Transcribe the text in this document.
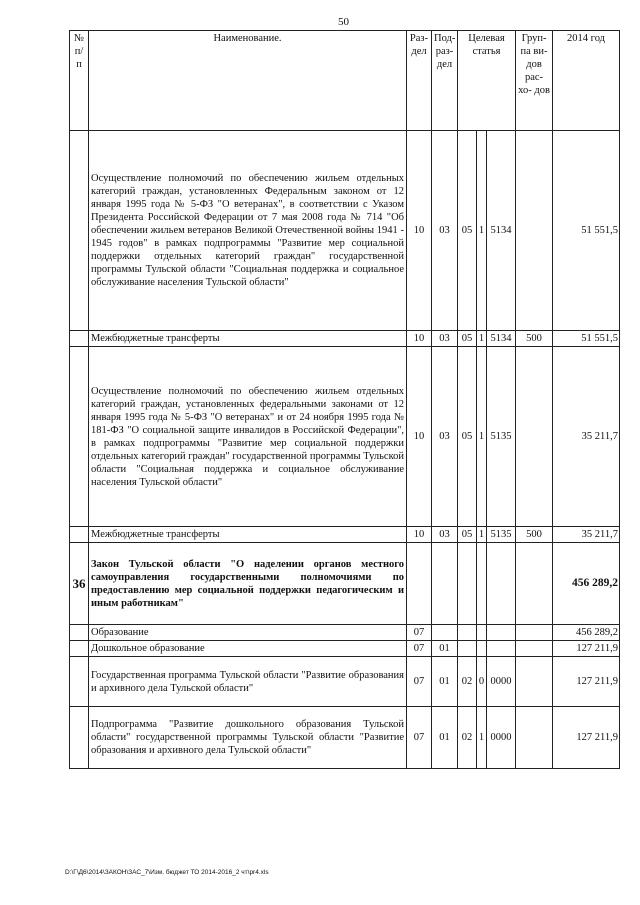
50
№ п/п	Наименование.	Раз- дел	Под- раз- дел	Целевая статья			Груп- па ви- дов рас- хо- дов	2014 год
	Осуществление полномочий по обеспечению жильем отдельных категорий граждан, установленных Федеральным законом от 12 января 1995 года № 5-ФЗ "О ветеранах", в соответствии с Указом Президента Российской Федерации от 7 мая 2008 года № 714 "Об обеспечении жильем ветеранов Великой Отечественной войны 1941 - 1945 годов" в рамках подпрограммы "Развитие мер социальной поддержки отдельных категорий граждан" государственной программы Тульской области "Социальная поддержка и социальное обслуживание населения Тульской области"	10	03	05	1	5134		51 551,5
	Межбюджетные трансферты	10	03	05	1	5134	500	51 551,5
	Осуществление полномочий по обеспечению жильем отдельных категорий граждан, установленных федеральными законами от 12 января 1995 года № 5-ФЗ "О ветеранах" и от 24 ноября 1995 года № 181-ФЗ "О социальной защите инвалидов в Российской Федерации", в рамках подпрограммы "Развитие мер социальной поддержки отдельных категорий граждан" государственной программы Тульской области "Социальная поддержка и социальное обслуживание населения Тульской области"	10	03	05	1	5135		35 211,7
	Межбюджетные трансферты	10	03	05	1	5135	500	35 211,7
36	Закон Тульской области "О наделении органов местного самоуправления государственными полномочиями по предоставлению мер социальной поддержки педагогическим и иным работникам"							456 289,2
	Образование	07						456 289,2
	Дошкольное образование	07	01					127 211,9
	Государственная программа Тульской области "Развитие образования и архивного дела Тульской области"	07	01	02	0	0000		127 211,9
	Подпрограмма "Развитие дошкольного образования Тульской области" государственной программы Тульской области "Развитие образования и архивного дела Тульской области"	07	01	02	1	0000		127 211,9
D:\Г\Д6\2014\ЗАКОН\ЗАС_7\Изм. бюджет ТО 2014-2016_2 чт\pr4.xls
